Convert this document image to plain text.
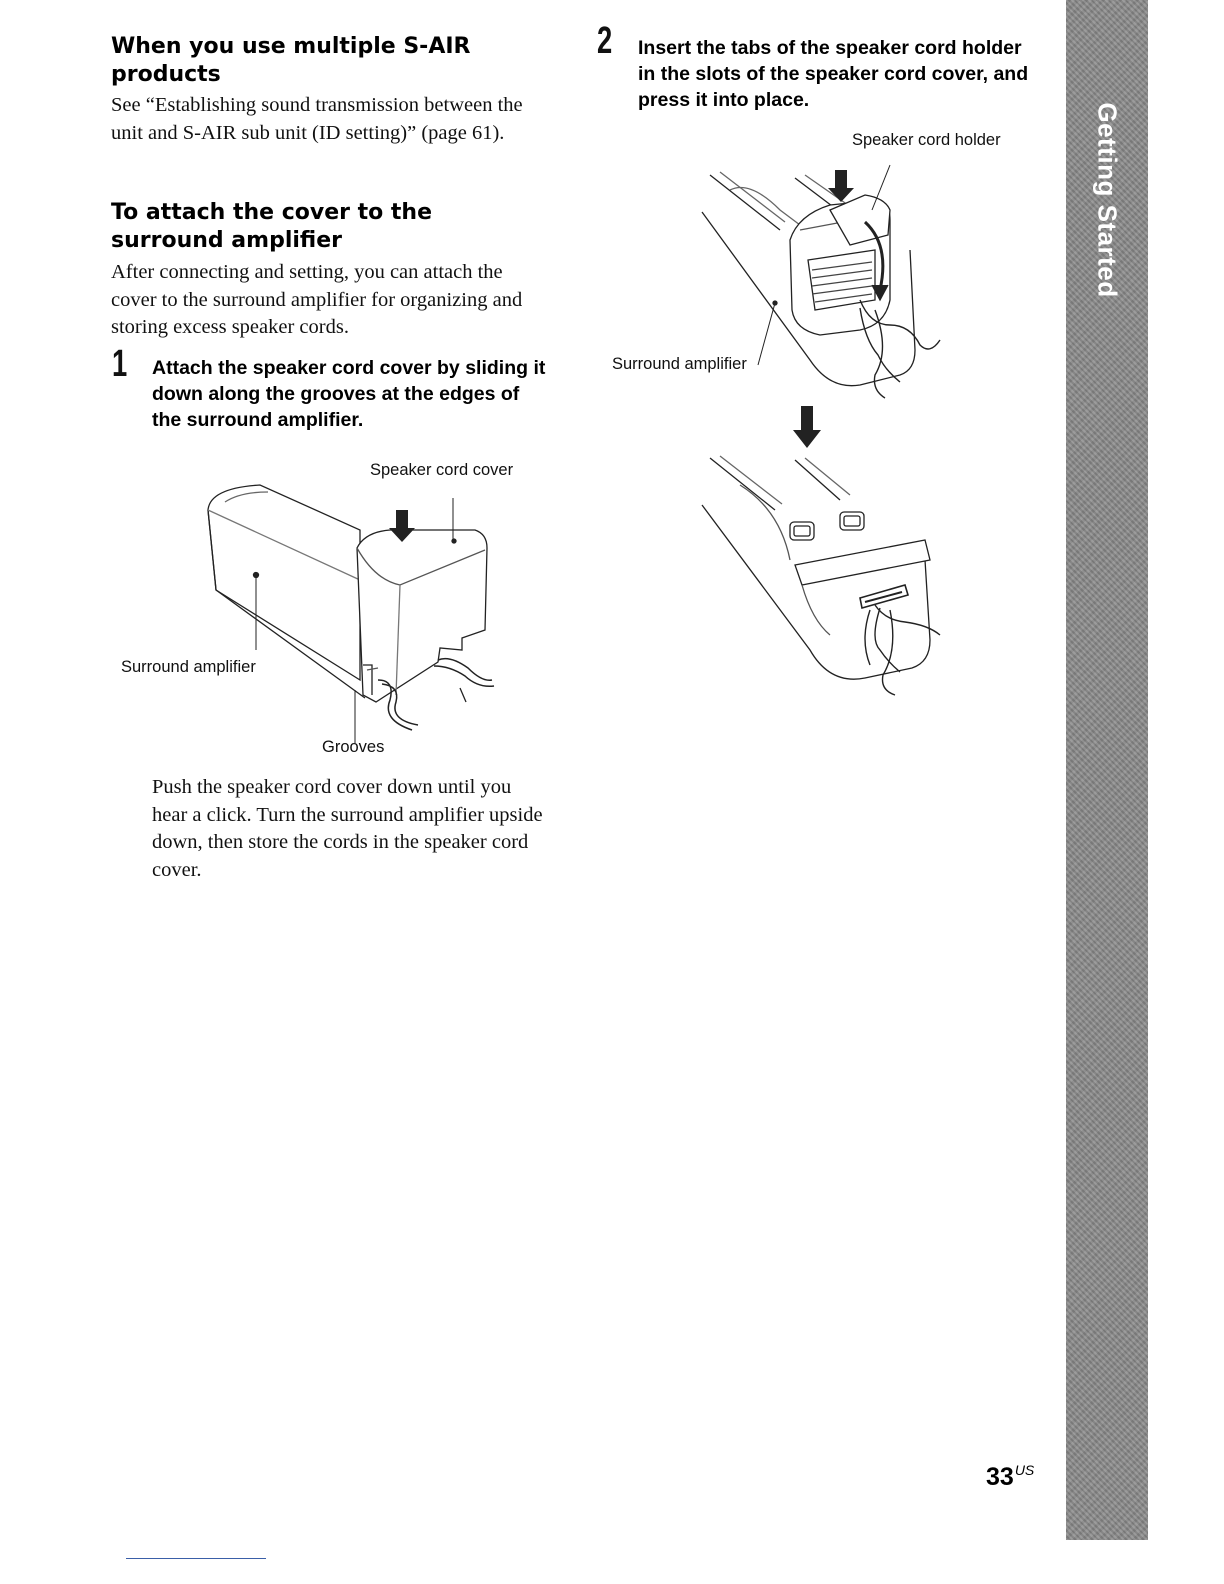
When you use multiple S-AIR products

See “Establishing sound transmission between the unit and S-AIR sub unit (ID setting)” (page 61).

To attach the cover to the surround amplifier

After connecting and setting, you can attach the cover to the surround amplifier for organizing and storing excess speaker cords.

1 Attach the speaker cord cover by sliding it down along the grooves at the edges of the surround amplifier.

Speaker cord cover
Surround amplifier
Grooves

Push the speaker cord cover down until you hear a click. Turn the surround amplifier upside down, then store the cords in the speaker cord cover.

2 Insert the tabs of the speaker cord holder in the slots of the speaker cord cover, and press it into place.

Speaker cord holder
Surround amplifier
Getting Started
$33^{US}$
